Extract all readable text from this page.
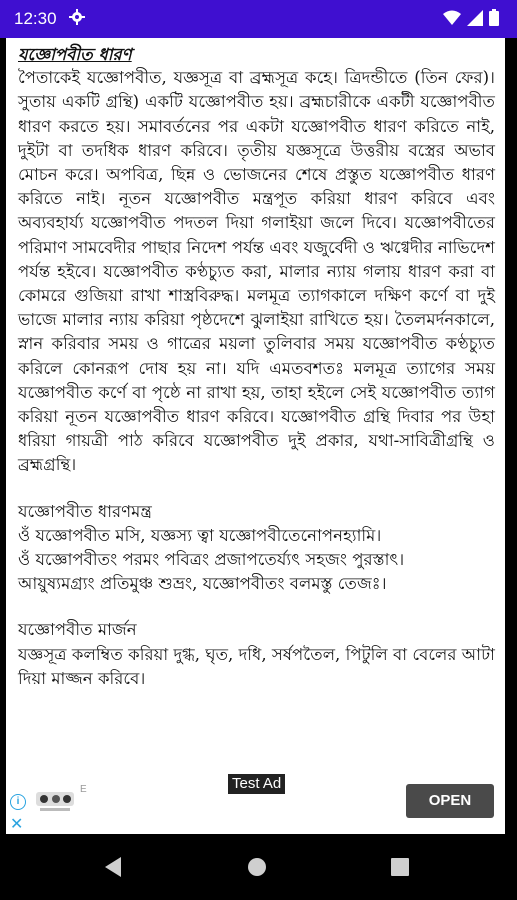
12:30

যজ্ঞোপবীত ধারণ

পৈতাকেই যজ্ঞোপবীত, যজ্ঞসূত্র বা ব্রহ্মসূত্র কহে। ত্রিদন্ডীতে (তিন ফের)। সুতায় একটি গ্রন্থি) একটি যজ্ঞোপবীত হয়। ব্রহ্মচারীকে একটী যজ্ঞোপবীত ধারণ করতে হয়। সমাবর্তনের পর একটা যজ্ঞোপবীত ধারণ করিতে নাই, দুইটা বা তদধিক ধারণ করিবে। তৃতীয় যজ্ঞসূত্রে উত্তরীয় বস্ত্রের অভাব মোচন করে। অপবিত্র, ছিন্ন ও ভোজনের শেষে প্রস্তুত যজ্ঞোপবীত ধারণ করিতে নাই। নূতন যজ্ঞোপবীত মন্ত্রপূত করিয়া ধারণ করিবে এবং অব্যবহার্য্য যজ্ঞোপবীত পদতল দিয়া গলাইয়া জলে দিবে। যজ্ঞোপবীতের পরিমাণ সামবেদীর পাছার নিদেশ পর্যন্ত এবং যজুর্বেদী ও ঋগ্বেদীর নাভিদেশ পর্যন্ত হইবে। যজ্ঞোপবীত কণ্ঠচ্যুত করা, মালার ন্যায় গলায় ধারণ করা বা কোমরে গুজিয়া রাখা শাস্ত্রবিরুদ্ধ। মলমূত্র ত্যাগকালে দক্ষিণ কর্ণে বা দুই ভাজে মালার ন্যায় করিয়া পৃষ্ঠদেশে ঝুলাইয়া রাখিতে হয়। তৈলমর্দনকালে, স্নান করিবার সময় ও গাত্রের ময়লা তুলিবার সময় যজ্ঞোপবীত কণ্ঠচ্যুত করিলে কোনরূপ দোষ হয় না। যদি এমতবশতঃ মলমূত্র ত্যাগের সময় যজ্ঞোপবীত কর্ণে বা পৃষ্ঠে না রাখা হয়, তাহা হইলে সেই যজ্ঞোপবীত ত্যাগ করিয়া নূতন যজ্ঞোপবীত ধারণ করিবে। যজ্ঞোপবীত গ্রন্থি দিবার পর উহা ধরিয়া গায়ত্রী পাঠ করিবে যজ্ঞোপবীত দুই প্রকার, যথা-সাবিত্রীগ্রন্থি ও ব্রহ্মগ্রন্থি।

যজ্ঞোপবীত ধারণমন্ত্র

ওঁ যজ্ঞোপবীত মসি, যজ্ঞস্য ত্বা যজ্ঞোপবীতেনোপনহ্যামি।

ওঁ যজ্ঞোপবীতং পরমং পবিত্রং প্রজাপতের্য্যৎ সহজং পুরস্তাৎ।

আয়ুষ্যমগ্র্যং প্রতিমুঞ্চ শুভ্রং, যজ্ঞোপবীতং বলমস্তু তেজঃ।

যজ্ঞোপবীত মার্জন

যজ্ঞসূত্র কলম্বিত করিয়া দুগ্ধ, ঘৃত, দধি, সর্ষপতৈল, পিটুলি বা বেলের আটা দিয়া মাজ্জন করিবে।

Test Ad
i
✕
E
OPEN
